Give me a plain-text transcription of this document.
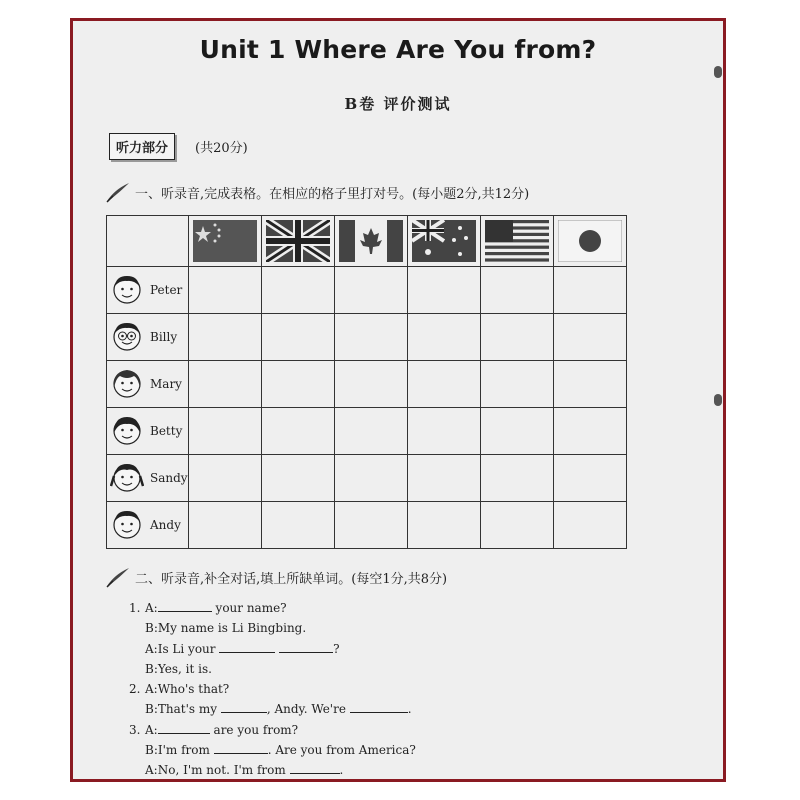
Unit 1 Where Are You from?
B卷 评价测试
听力部分	(共20分)
一、听录音,完成表格。在相应的格子里打对号。(每小题2分,共12分)

Peter						

Billy						

Mary						

Betty						

Sandy						

Andy						

二、听录音,补全对话,填上所缺单词。(每空1分,共8分)
1. A:	your name?
B:My name is Li Bingbing.
A:Is Li your	?
B:Yes, it is.
2. A:Who's that?
B:That's my	, Andy. We're	.
3. A:	are you from?
B:I'm from	. Are you from America?
A:No, I'm not. I'm from	.
